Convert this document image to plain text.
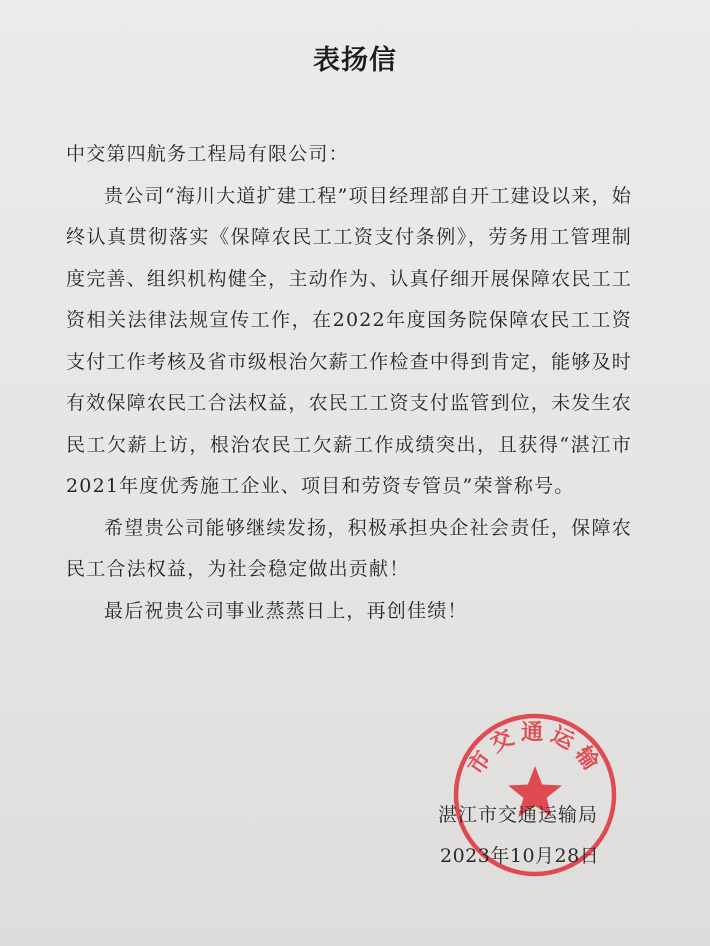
表扬信

中交第四航务工程局有限公司：

贵公司“海川大道扩建工程”项目经理部自开工建设以来，始终认真贯彻落实《保障农民工工资支付条例》，劳务用工管理制度完善、组织机构健全，主动作为、认真仔细开展保障农民工工资相关法律法规宣传工作，在2022年度国务院保障农民工工资支付工作考核及省市级根治欠薪工作检查中得到肯定，能够及时有效保障农民工合法权益，农民工工资支付监管到位，未发生农民工欠薪上访，根治农民工欠薪工作成绩突出，且获得“湛江市2021年度优秀施工企业、项目和劳资专管员”荣誉称号。

希望贵公司能够继续发扬，积极承担央企社会责任，保障农民工合法权益，为社会稳定做出贡献！

最后祝贵公司事业蒸蒸日上，再创佳绩！

市交通运输
湛江市交通运输局
2023年10月28日
